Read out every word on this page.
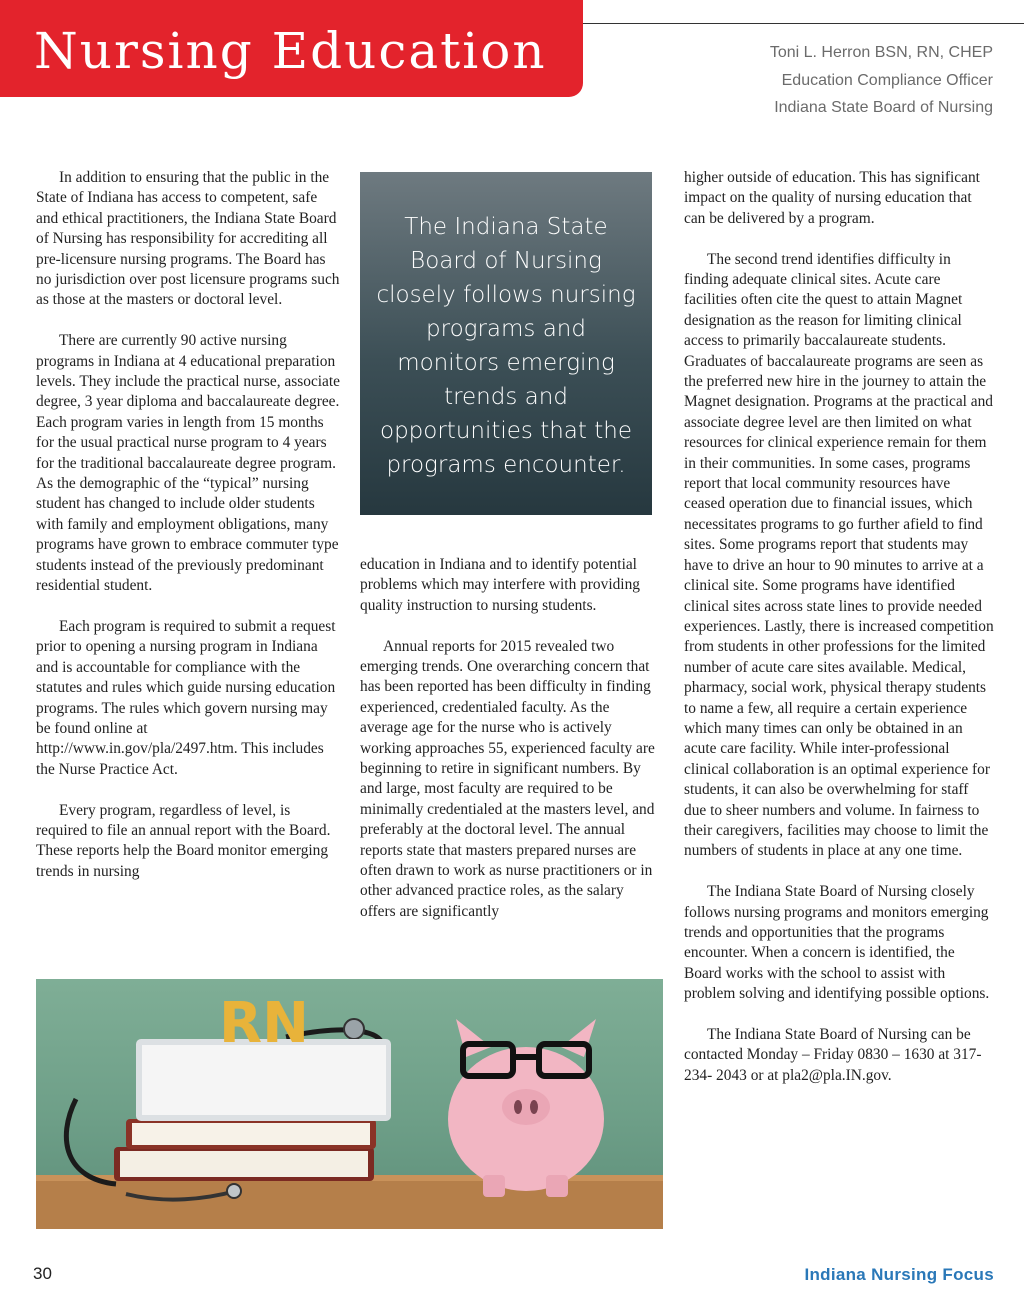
Nursing Education	Toni L. Herron BSN, RN, CHEP
Education Compliance Officer
Indiana State Board of Nursing

In addition to ensuring that the public in the State of Indiana has access to competent, safe and ethical practitioners, the Indiana State Board of Nursing has responsibility for accrediting all pre-licensure nursing programs. The Board has no jurisdiction over post licensure programs such as those at the masters or doctoral level.

There are currently 90 active nursing programs in Indiana at 4 educational preparation levels. They include the practical nurse, associate degree, 3 year diploma and baccalaureate degree. Each program varies in length from 15 months for the usual practical nurse program to 4 years for the traditional baccalaureate degree program. As the demographic of the “typical” nursing student has changed to include older students with family and employment obligations, many programs have grown to embrace commuter type students instead of the previously predominant residential student.

Each program is required to submit a request prior to opening a nursing program in Indiana and is accountable for compliance with the statutes and rules which guide nursing education programs. The rules which govern nursing may be found online at http://www.in.gov/pla/2497.htm. This includes the Nurse Practice Act.

Every program, regardless of level, is required to file an annual report with the Board. These reports help the Board monitor emerging trends in nursing

The Indiana State Board of Nursing closely follows nursing programs and monitors emerging trends and opportunities that the programs encounter.

education in Indiana and to identify potential problems which may interfere with providing quality instruction to nursing students.

Annual reports for 2015 revealed two emerging trends. One overarching concern that has been reported has been difficulty in finding experienced, credentialed faculty. As the average age for the nurse who is actively working approaches 55, experienced faculty are beginning to retire in significant numbers. By and large, most faculty are required to be minimally credentialed at the masters level, and preferably at the doctoral level. The annual reports state that masters prepared nurses are often drawn to work as nurse practitioners or in other advanced practice roles, as the salary offers are significantly

higher outside of education. This has significant impact on the quality of nursing education that can be delivered by a program.

The second trend identifies difficulty in finding adequate clinical sites. Acute care facilities often cite the quest to attain Magnet designation as the reason for limiting clinical access to primarily baccalaureate students. Graduates of baccalaureate programs are seen as the preferred new hire in the journey to attain the Magnet designation. Programs at the practical and associate degree level are then limited on what resources for clinical experience remain for them in their communities. In some cases, programs report that local community resources have ceased operation due to financial issues, which necessitates programs to go further afield to find sites. Some programs report that students may have to drive an hour to 90 minutes to arrive at a clinical site. Some programs have identified clinical sites across state lines to provide needed experiences. Lastly, there is increased competition from students in other professions for the limited number of acute care sites available. Medical, pharmacy, social work, physical therapy students to name a few, all require a certain experience which many times can only be obtained in an acute care facility. While inter-professional clinical collaboration is an optimal experience for students, it can also be overwhelming for staff due to sheer numbers and volume. In fairness to their caregivers, facilities may choose to limit the numbers of students in place at any one time.

The Indiana State Board of Nursing closely follows nursing programs and monitors emerging trends and opportunities that the programs encounter. When a concern is identified, the Board works with the school to assist with problem solving and identifying possible options.

The Indiana State Board of Nursing can be contacted Monday – Friday 0830 – 1630 at 317- 234- 2043 or at pla2@pla.IN.gov.

RN
30	Indiana Nursing Focus
